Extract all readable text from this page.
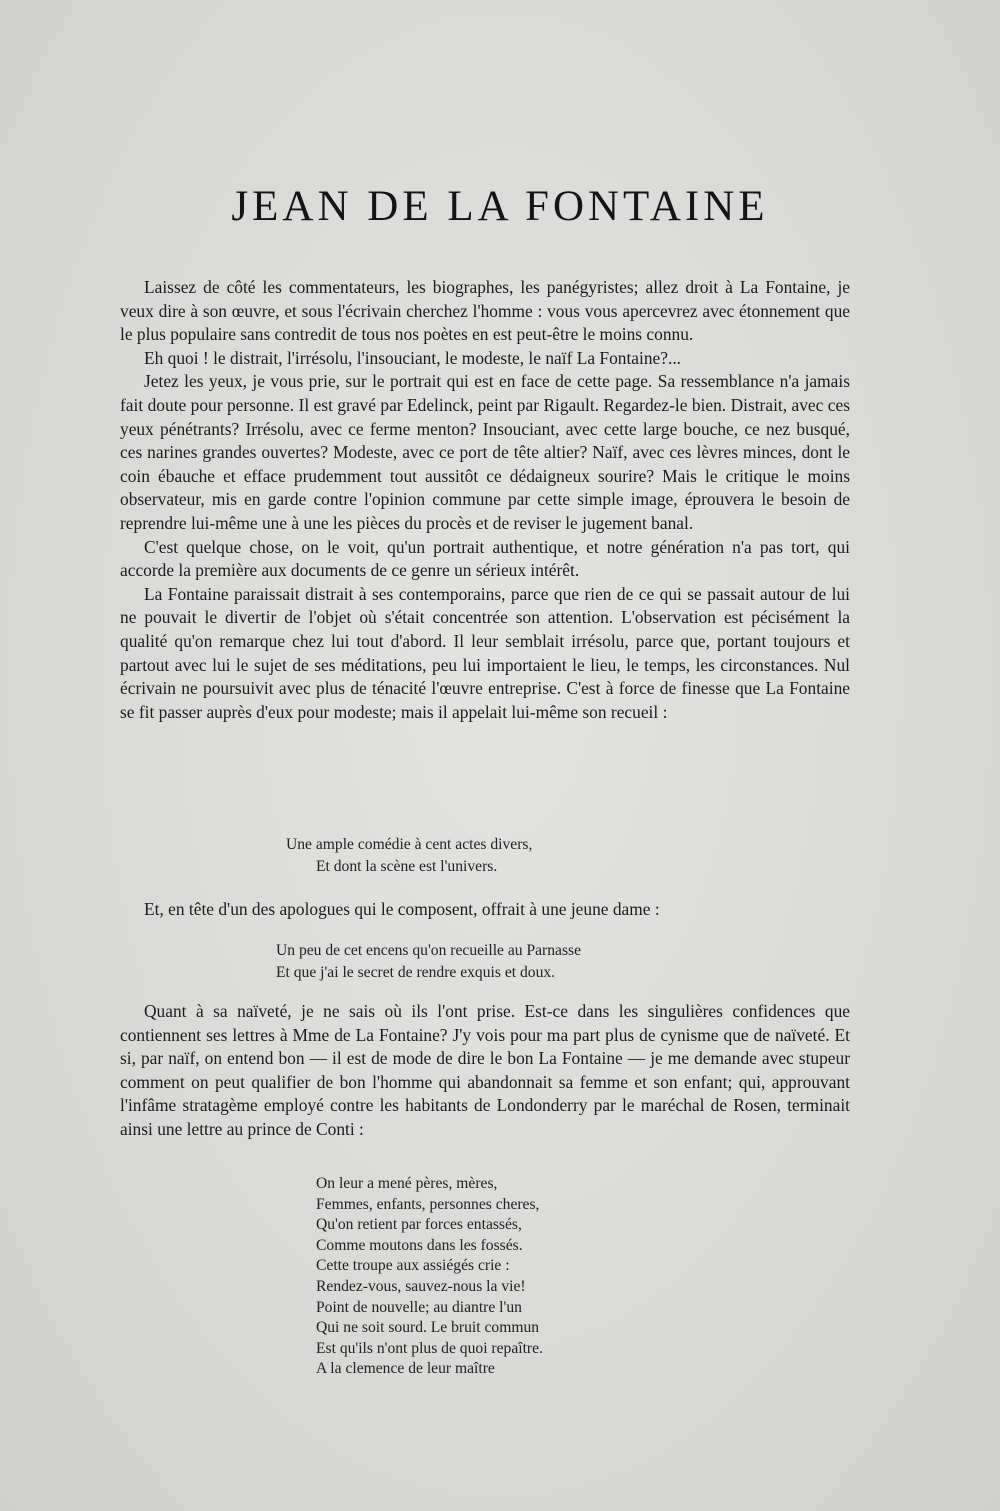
JEAN DE LA FONTAINE

Laissez de côté les commentateurs, les biographes, les panégyristes; allez droit à La Fontaine, je veux dire à son œuvre, et sous l'écrivain cherchez l'homme : vous vous apercevrez avec étonnement que le plus populaire sans contredit de tous nos poètes en est peut-être le moins connu.

Eh quoi ! le distrait, l'irrésolu, l'insouciant, le modeste, le naïf La Fontaine?...

Jetez les yeux, je vous prie, sur le portrait qui est en face de cette page. Sa ressemblance n'a jamais fait doute pour personne. Il est gravé par Edelinck, peint par Rigault. Regardez-le bien. Distrait, avec ces yeux pénétrants? Irrésolu, avec ce ferme menton? Insouciant, avec cette large bouche, ce nez busqué, ces narines grandes ouvertes? Modeste, avec ce port de tête altier? Naïf, avec ces lèvres minces, dont le coin ébauche et efface prudemment tout aussitôt ce dédaigneux sourire? Mais le critique le moins observateur, mis en garde contre l'opinion commune par cette simple image, éprouvera le besoin de reprendre lui-même une à une les pièces du procès et de reviser le jugement banal.

C'est quelque chose, on le voit, qu'un portrait authentique, et notre génération n'a pas tort, qui accorde la première aux documents de ce genre un sérieux intérêt.

La Fontaine paraissait distrait à ses contemporains, parce que rien de ce qui se passait autour de lui ne pouvait le divertir de l'objet où s'était concentrée son attention. L'observation est pécisément la qualité qu'on remarque chez lui tout d'abord. Il leur semblait irrésolu, parce que, portant toujours et partout avec lui le sujet de ses méditations, peu lui importaient le lieu, le temps, les circonstances. Nul écrivain ne poursuivit avec plus de ténacité l'œuvre entreprise. C'est à force de finesse que La Fontaine se fit passer auprès d'eux pour modeste; mais il appelait lui-même son recueil :

Une ample comédie à cent actes divers,
Et dont la scène est l'univers.

Et, en tête d'un des apologues qui le composent, offrait à une jeune dame :

Un peu de cet encens qu'on recueille au Parnasse
Et que j'ai le secret de rendre exquis et doux.

Quant à sa naïveté, je ne sais où ils l'ont prise. Est-ce dans les singulières confidences que contiennent ses lettres à Mme de La Fontaine? J'y vois pour ma part plus de cynisme que de naïveté. Et si, par naïf, on entend bon — il est de mode de dire le bon La Fontaine — je me demande avec stupeur comment on peut qualifier de bon l'homme qui abandonnait sa femme et son enfant; qui, approuvant l'infâme stratagème employé contre les habitants de Londonderry par le maréchal de Rosen, terminait ainsi une lettre au prince de Conti :

On leur a mené pères, mères,
Femmes, enfants, personnes cheres,
Qu'on retient par forces entassés,
Comme moutons dans les fossés.
Cette troupe aux assiégés crie :
Rendez-vous, sauvez-nous la vie!
Point de nouvelle; au diantre l'un
Qui ne soit sourd. Le bruit commun
Est qu'ils n'ont plus de quoi repaître.
A la clemence de leur maître
